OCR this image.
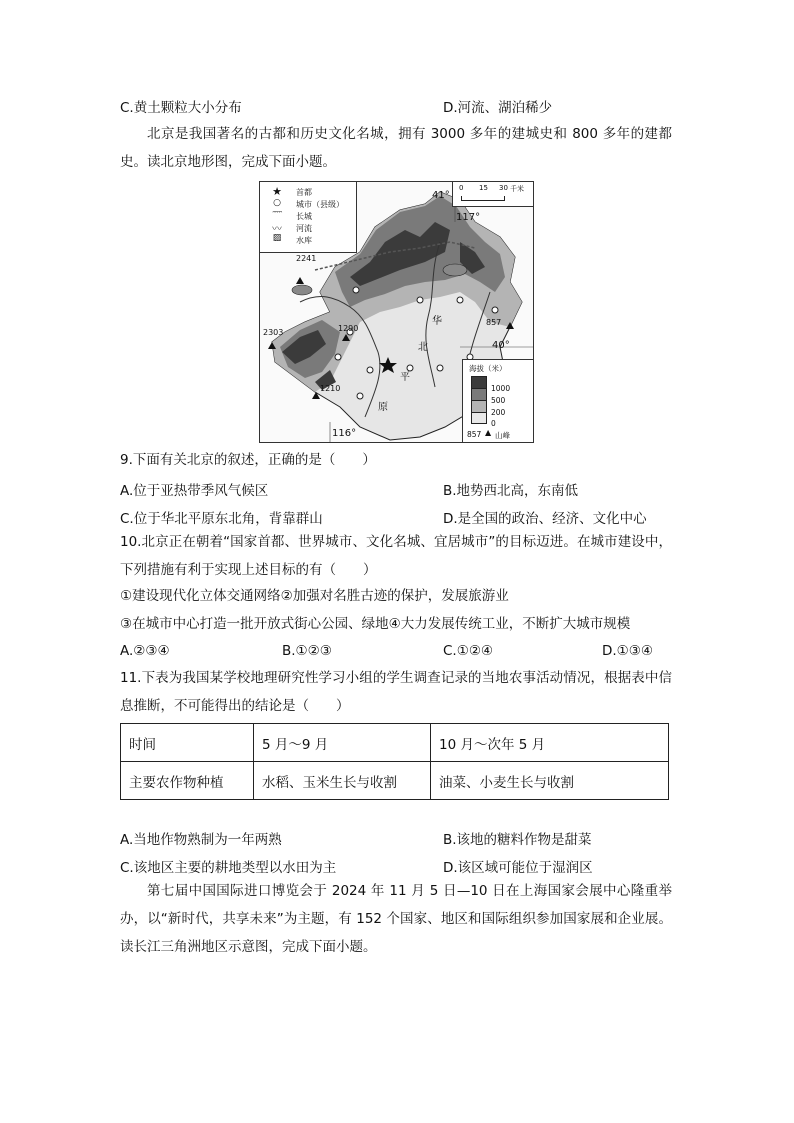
C.黄土颗粒大小分布	D.河流、湖泊稀少
北京是我国著名的古都和历史文化名城，拥有 3000 多年的建城史和 800 多年的建都史。读北京地形图，完成下面小题。
★	首都
○	城市（县级）
ᵔᵔᵔᵔ	长城
〰	河流
▨	水库
0 15 30 千米
41°
117°
40°
116°
2241
2303	1290
857
1210
华
北
平
原
海拔（米）
1000
500
200
0
857 ▲ 山峰
9.下面有关北京的叙述，正确的是（　　）
A.位于亚热带季风气候区	B.地势西北高，东南低
C.位于华北平原东北角，背靠群山	D.是全国的政治、经济、文化中心
10.北京正在朝着“国家首都、世界城市、文化名城、宜居城市”的目标迈进。在城市建设中，下列措施有利于实现上述目标的有（　　）
①建设现代化立体交通网络②加强对名胜古迹的保护，发展旅游业
③在城市中心打造一批开放式街心公园、绿地④大力发展传统工业，不断扩大城市规模
A.②③④	B.①②③	C.①②④	D.①③④
11.下表为我国某学校地理研究性学习小组的学生调查记录的当地农事活动情况，根据表中信息推断，不可能得出的结论是（　　）
时间	5 月～9 月	10 月～次年 5 月
主要农作物种植	水稻、玉米生长与收割	油菜、小麦生长与收割
A.当地作物熟制为一年两熟	B.该地的糖料作物是甜菜
C.该地区主要的耕地类型以水田为主	D.该区域可能位于湿润区
第七届中国国际进口博览会于 2024 年 11 月 5 日—10 日在上海国家会展中心隆重举办，以“新时代，共享未来”为主题，有 152 个国家、地区和国际组织参加国家展和企业展。读长江三角洲地区示意图，完成下面小题。
